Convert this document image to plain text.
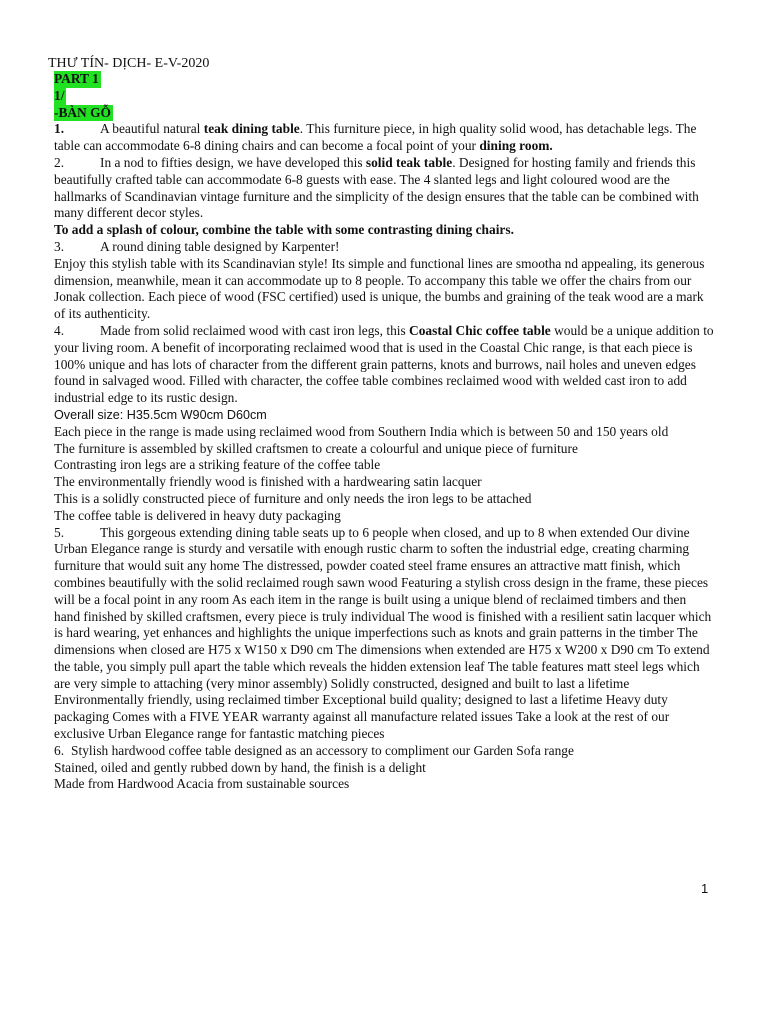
THƯ TÍN- DỊCH- E-V-2020
PART 1
1/
-BÀN GỖ

1.	A beautiful natural teak dining table. This furniture piece, in high quality solid wood, has detachable legs. The table can accommodate 6-8 dining chairs and can become a focal point of your dining room.

2.	In a nod to fifties design, we have developed this solid teak table. Designed for hosting family and friends this beautifully crafted table can accommodate 6-8 guests with ease. The 4 slanted legs and light coloured wood are the hallmarks of Scandinavian vintage furniture and the simplicity of the design ensures that the table can be combined with many different decor styles.

To add a splash of colour, combine the table with some contrasting dining chairs.

3.	A round dining table designed by Karpenter!

Enjoy this stylish table with its Scandinavian style! Its simple and functional lines are smootha nd appealing, its generous dimension, meanwhile, mean it can accommodate up to 8 people. To accompany this table we offer the chairs from our Jonak collection. Each piece of wood (FSC certified) used is unique, the bumbs and graining of the teak wood are a mark of its authenticity.

4.	Made from solid reclaimed wood with cast iron legs, this Coastal Chic coffee table would be a unique addition to your living room. A benefit of incorporating reclaimed wood that is used in the Coastal Chic range, is that each piece is 100% unique and has lots of character from the different grain patterns, knots and burrows, nail holes and uneven edges found in salvaged wood. Filled with character, the coffee table combines reclaimed wood with welded cast iron to add industrial edge to its rustic design.

Overall size: H35.5cm W90cm D60cm

Each piece in the range is made using reclaimed wood from Southern India which is between 50 and 150 years old

The furniture is assembled by skilled craftsmen to create a colourful and unique piece of furniture

Contrasting iron legs are a striking feature of the coffee table

The environmentally friendly wood is finished with a hardwearing satin lacquer

This is a solidly constructed piece of furniture and only needs the iron legs to be attached

The coffee table is delivered in heavy duty packaging

5.	This gorgeous extending dining table seats up to 6 people when closed, and up to 8 when extended Our divine Urban Elegance range is sturdy and versatile with enough rustic charm to soften the industrial edge, creating charming furniture that would suit any home The distressed, powder coated steel frame ensures an attractive matt finish, which combines beautifully with the solid reclaimed rough sawn wood Featuring a stylish cross design in the frame, these pieces will be a focal point in any room As each item in the range is built using a unique blend of reclaimed timbers and then hand finished by skilled craftsmen, every piece is truly individual The wood is finished with a resilient satin lacquer which is hard wearing, yet enhances and highlights the unique imperfections such as knots and grain patterns in the timber The dimensions when closed are H75 x W150 x D90 cm The dimensions when extended are H75 x W200 x D90 cm To extend the table, you simply pull apart the table which reveals the hidden extension leaf The table features matt steel legs which are very simple to attaching (very minor assembly) Solidly constructed, designed and built to last a lifetime Environmentally friendly, using reclaimed timber Exceptional build quality; designed to last a lifetime Heavy duty packaging Comes with a FIVE YEAR warranty against all manufacture related issues Take a look at the rest of our exclusive Urban Elegance range for fantastic matching pieces

6. Stylish hardwood coffee table designed as an accessory to compliment our Garden Sofa range

Stained, oiled and gently rubbed down by hand, the finish is a delight

Made from Hardwood Acacia from sustainable sources

1
